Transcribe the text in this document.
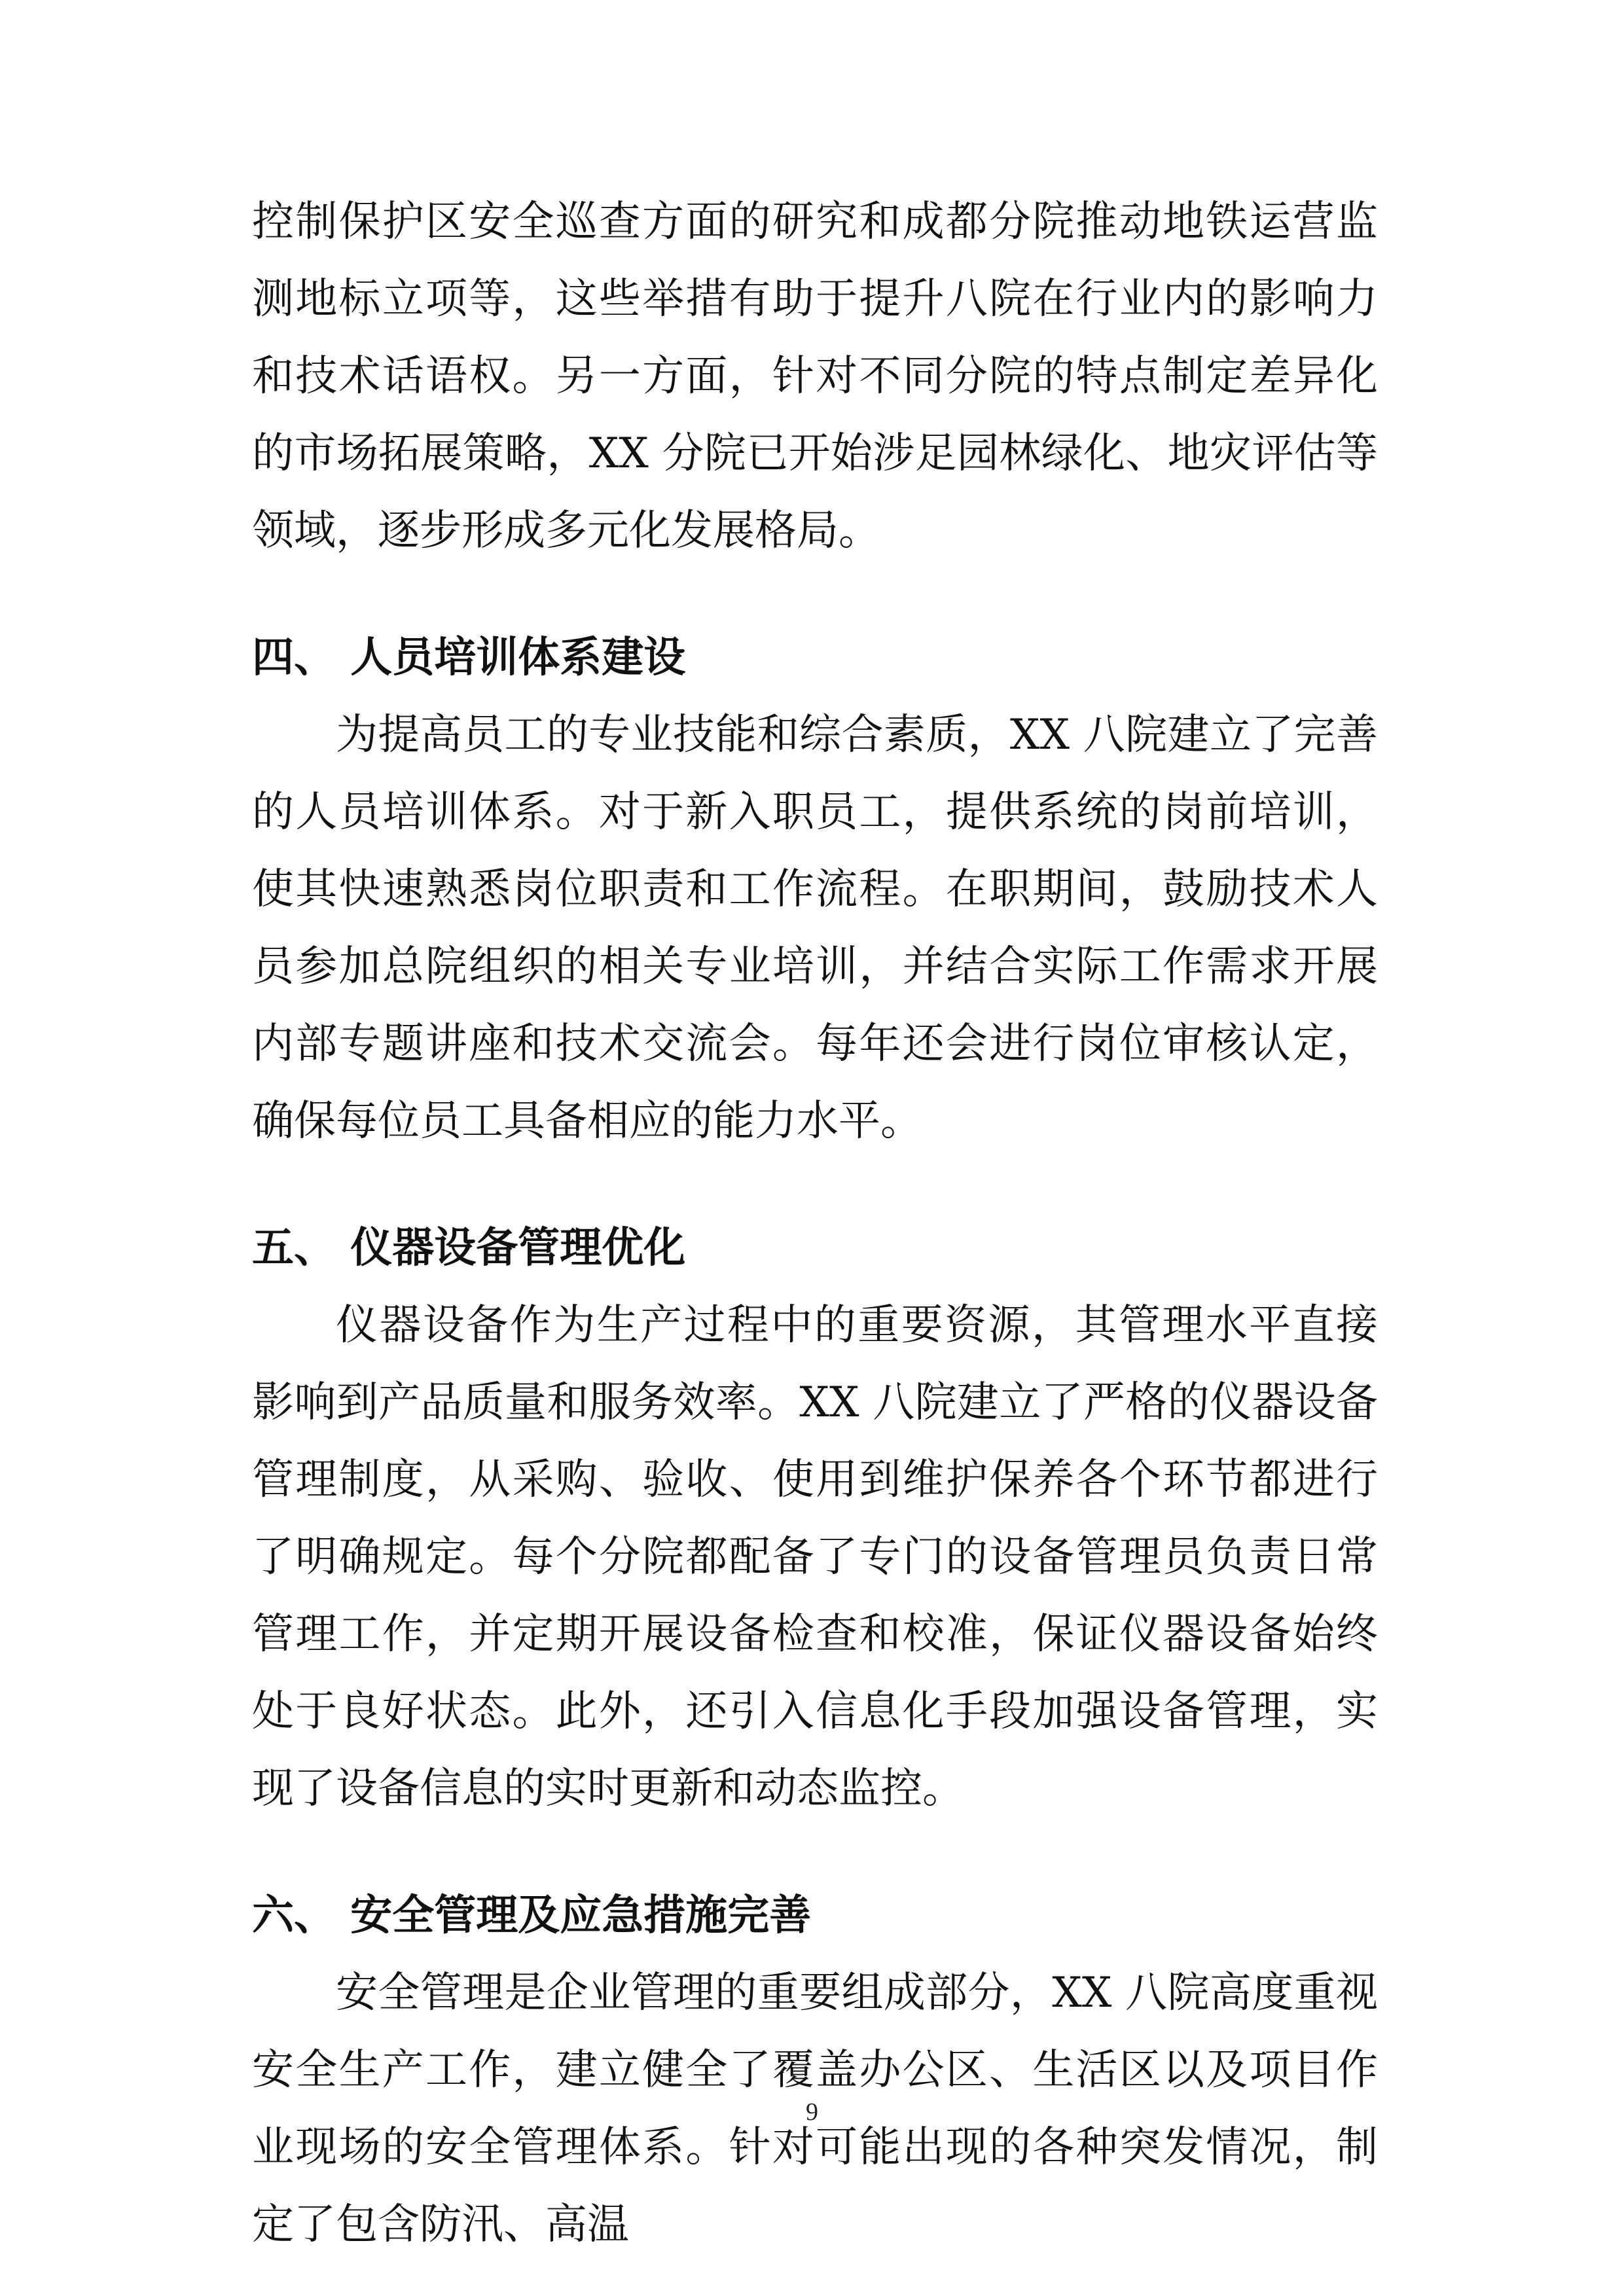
控制保护区安全巡查方面的研究和成都分院推动地铁运营监测地标立项等，这些举措有助于提升八院在行业内的影响力和技术话语权。另一方面，针对不同分院的特点制定差异化的市场拓展策略，XX 分院已开始涉足园林绿化、地灾评估等领域，逐步形成多元化发展格局。

四、 人员培训体系建设

为提高员工的专业技能和综合素质，XX 八院建立了完善的人员培训体系。对于新入职员工，提供系统的岗前培训，使其快速熟悉岗位职责和工作流程。在职期间，鼓励技术人员参加总院组织的相关专业培训，并结合实际工作需求开展内部专题讲座和技术交流会。每年还会进行岗位审核认定，确保每位员工具备相应的能力水平。

五、 仪器设备管理优化

仪器设备作为生产过程中的重要资源，其管理水平直接影响到产品质量和服务效率。XX 八院建立了严格的仪器设备管理制度，从采购、验收、使用到维护保养各个环节都进行了明确规定。每个分院都配备了专门的设备管理员负责日常管理工作，并定期开展设备检查和校准，保证仪器设备始终处于良好状态。此外，还引入信息化手段加强设备管理，实现了设备信息的实时更新和动态监控。

六、 安全管理及应急措施完善

安全管理是企业管理的重要组成部分，XX 八院高度重视安全生产工作，建立健全了覆盖办公区、生活区以及项目作业现场的安全管理体系。针对可能出现的各种突发情况，制定了包含防汛、高温

9
